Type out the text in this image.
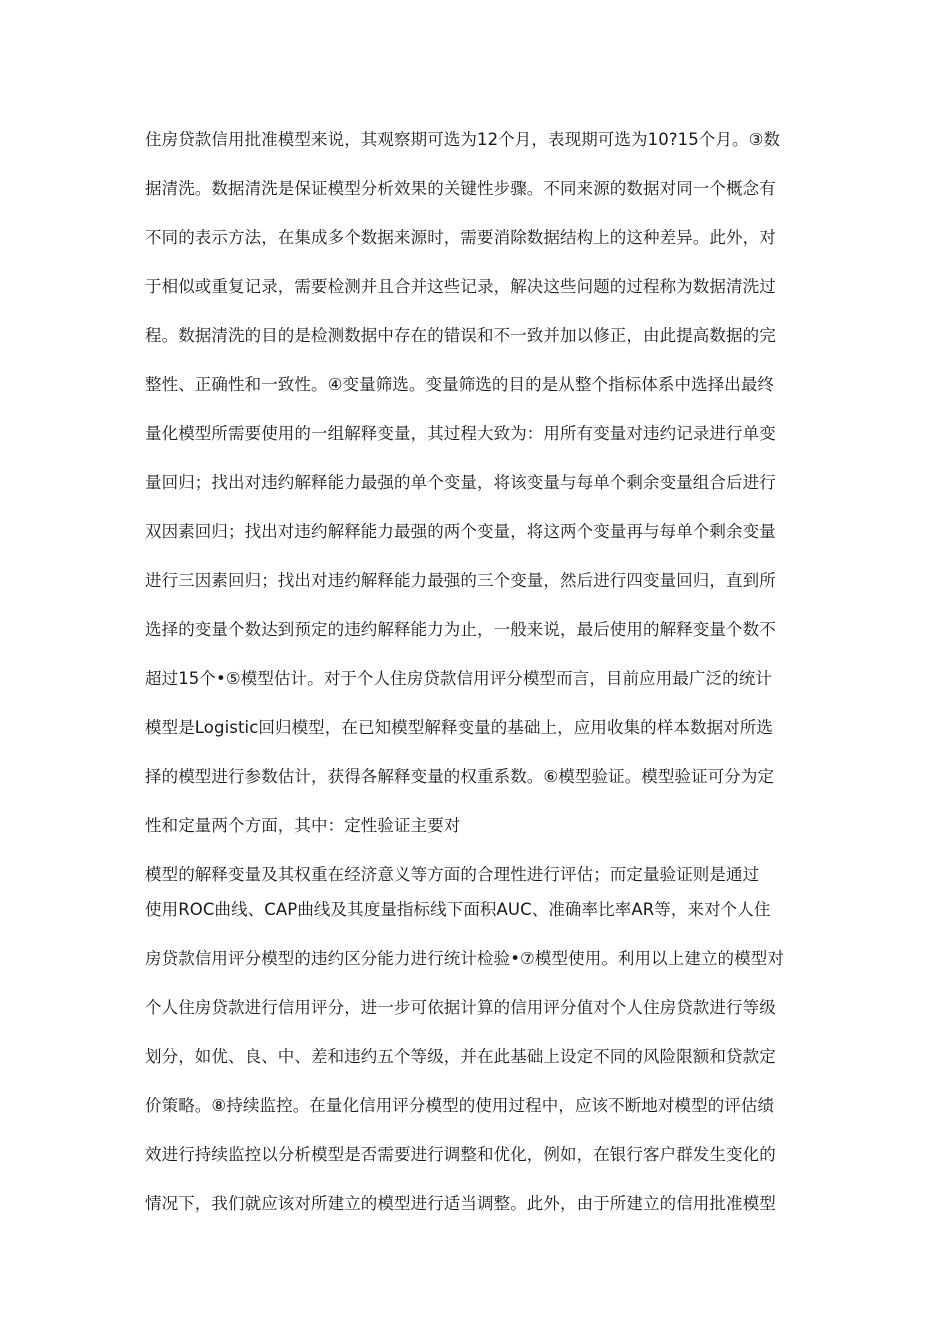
住房贷款信用批准模型来说，其观察期可选为12个月，表现期可选为10?15个月。③数
据清洗。数据清洗是保证模型分析效果的关键性步骤。不同来源的数据对同一个概念有
不同的表示方法，在集成多个数据来源时，需要消除数据结构上的这种差异。此外，对
于相似或重复记录，需要检测并且合并这些记录，解决这些问题的过程称为数据清洗过
程。数据清洗的目的是检测数据中存在的错误和不一致并加以修正，由此提高数据的完
整性、正确性和一致性。④变量筛选。变量筛选的目的是从整个指标体系中选择出最终
量化模型所需要使用的一组解释变量，其过程大致为：用所有变量对违约记录进行单变
量回归；找出对违约解释能力最强的单个变量，将该变量与每单个剩余变量组合后进行
双因素回归；找出对违约解释能力最强的两个变量，将这两个变量再与每单个剩余变量
进行三因素回归；找出对违约解释能力最强的三个变量，然后进行四变量回归，直到所
选择的变量个数达到预定的违约解释能力为止，一般来说，最后使用的解释变量个数不
超过15个•⑤模型估计。对于个人住房贷款信用评分模型而言，目前应用最广泛的统计
模型是Logistic回归模型，在已知模型解释变量的基础上，应用收集的样本数据对所选
择的模型进行参数估计，获得各解释变量的权重系数。⑥模型验证。模型验证可分为定
性和定量两个方面，其中：定性验证主要对
模型的解释变量及其权重在经济意义等方面的合理性进行评估；而定量验证则是通过
使用ROC曲线、CAP曲线及其度量指标线下面积AUC、准确率比率AR等，来对个人住
房贷款信用评分模型的违约区分能力进行统计检验•⑦模型使用。利用以上建立的模型对
个人住房贷款进行信用评分，进一步可依据计算的信用评分值对个人住房贷款进行等级
划分，如优、良、中、差和违约五个等级，并在此基础上设定不同的风险限额和贷款定
价策略。⑧持续监控。在量化信用评分模型的使用过程中，应该不断地对模型的评估绩
效进行持续监控以分析模型是否需要进行调整和优化，例如，在银行客户群发生变化的
情况下，我们就应该对所建立的模型进行适当调整。此外，由于所建立的信用批准模型
